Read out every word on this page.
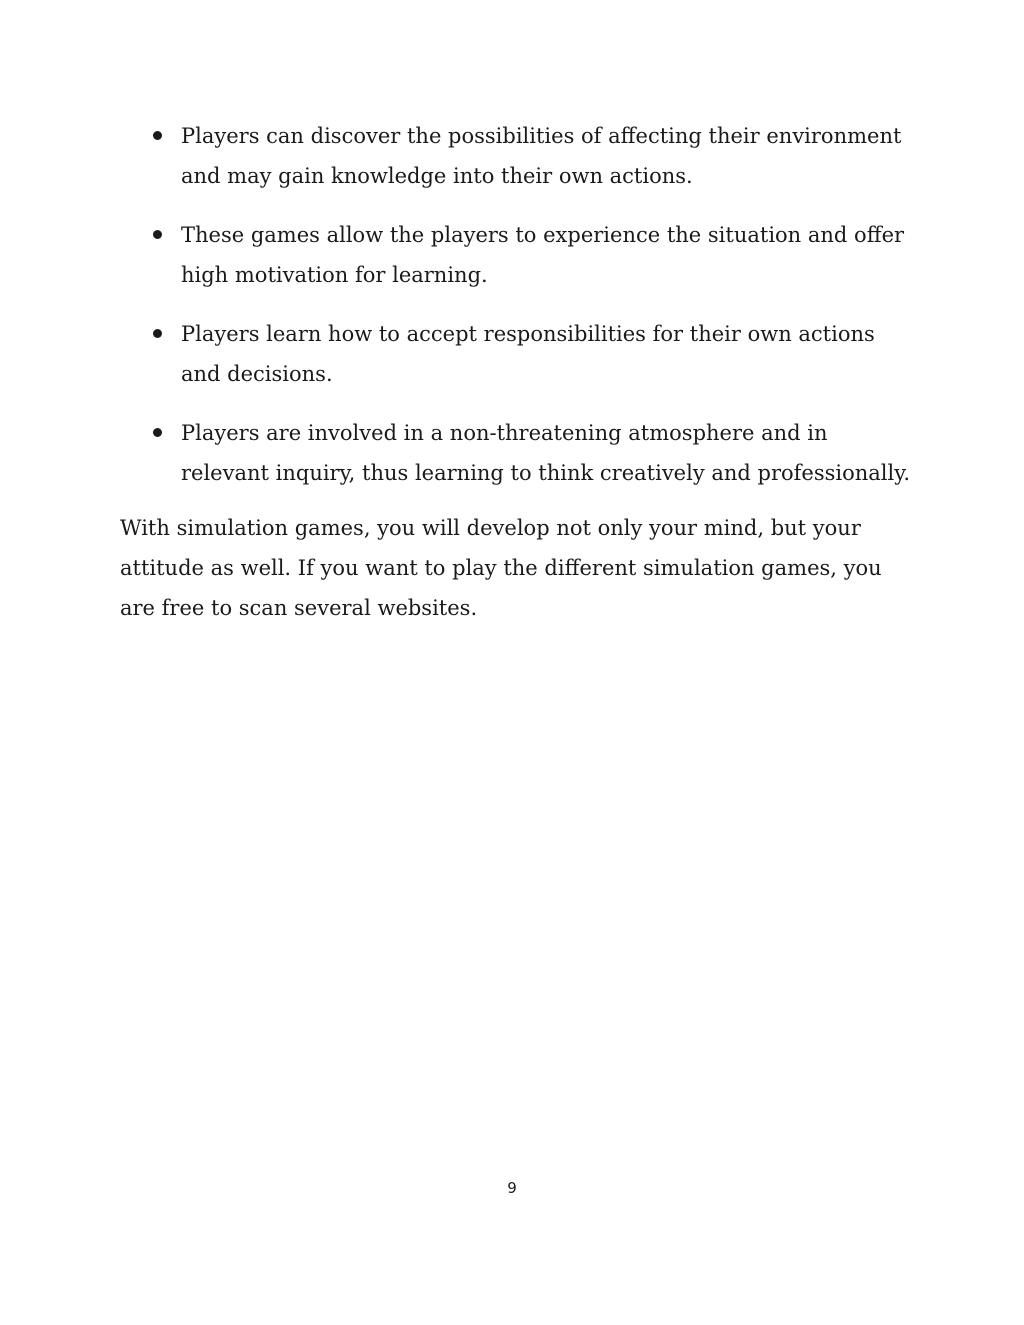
Players can discover the possibilities of affecting their environment and may gain knowledge into their own actions.
These games allow the players to experience the situation and offer high motivation for learning.
Players learn how to accept responsibilities for their own actions and decisions.
Players are involved in a non-threatening atmosphere and in relevant inquiry, thus learning to think creatively and professionally.

With simulation games, you will develop not only your mind, but your attitude as well. If you want to play the different simulation games, you are free to scan several websites.

9
